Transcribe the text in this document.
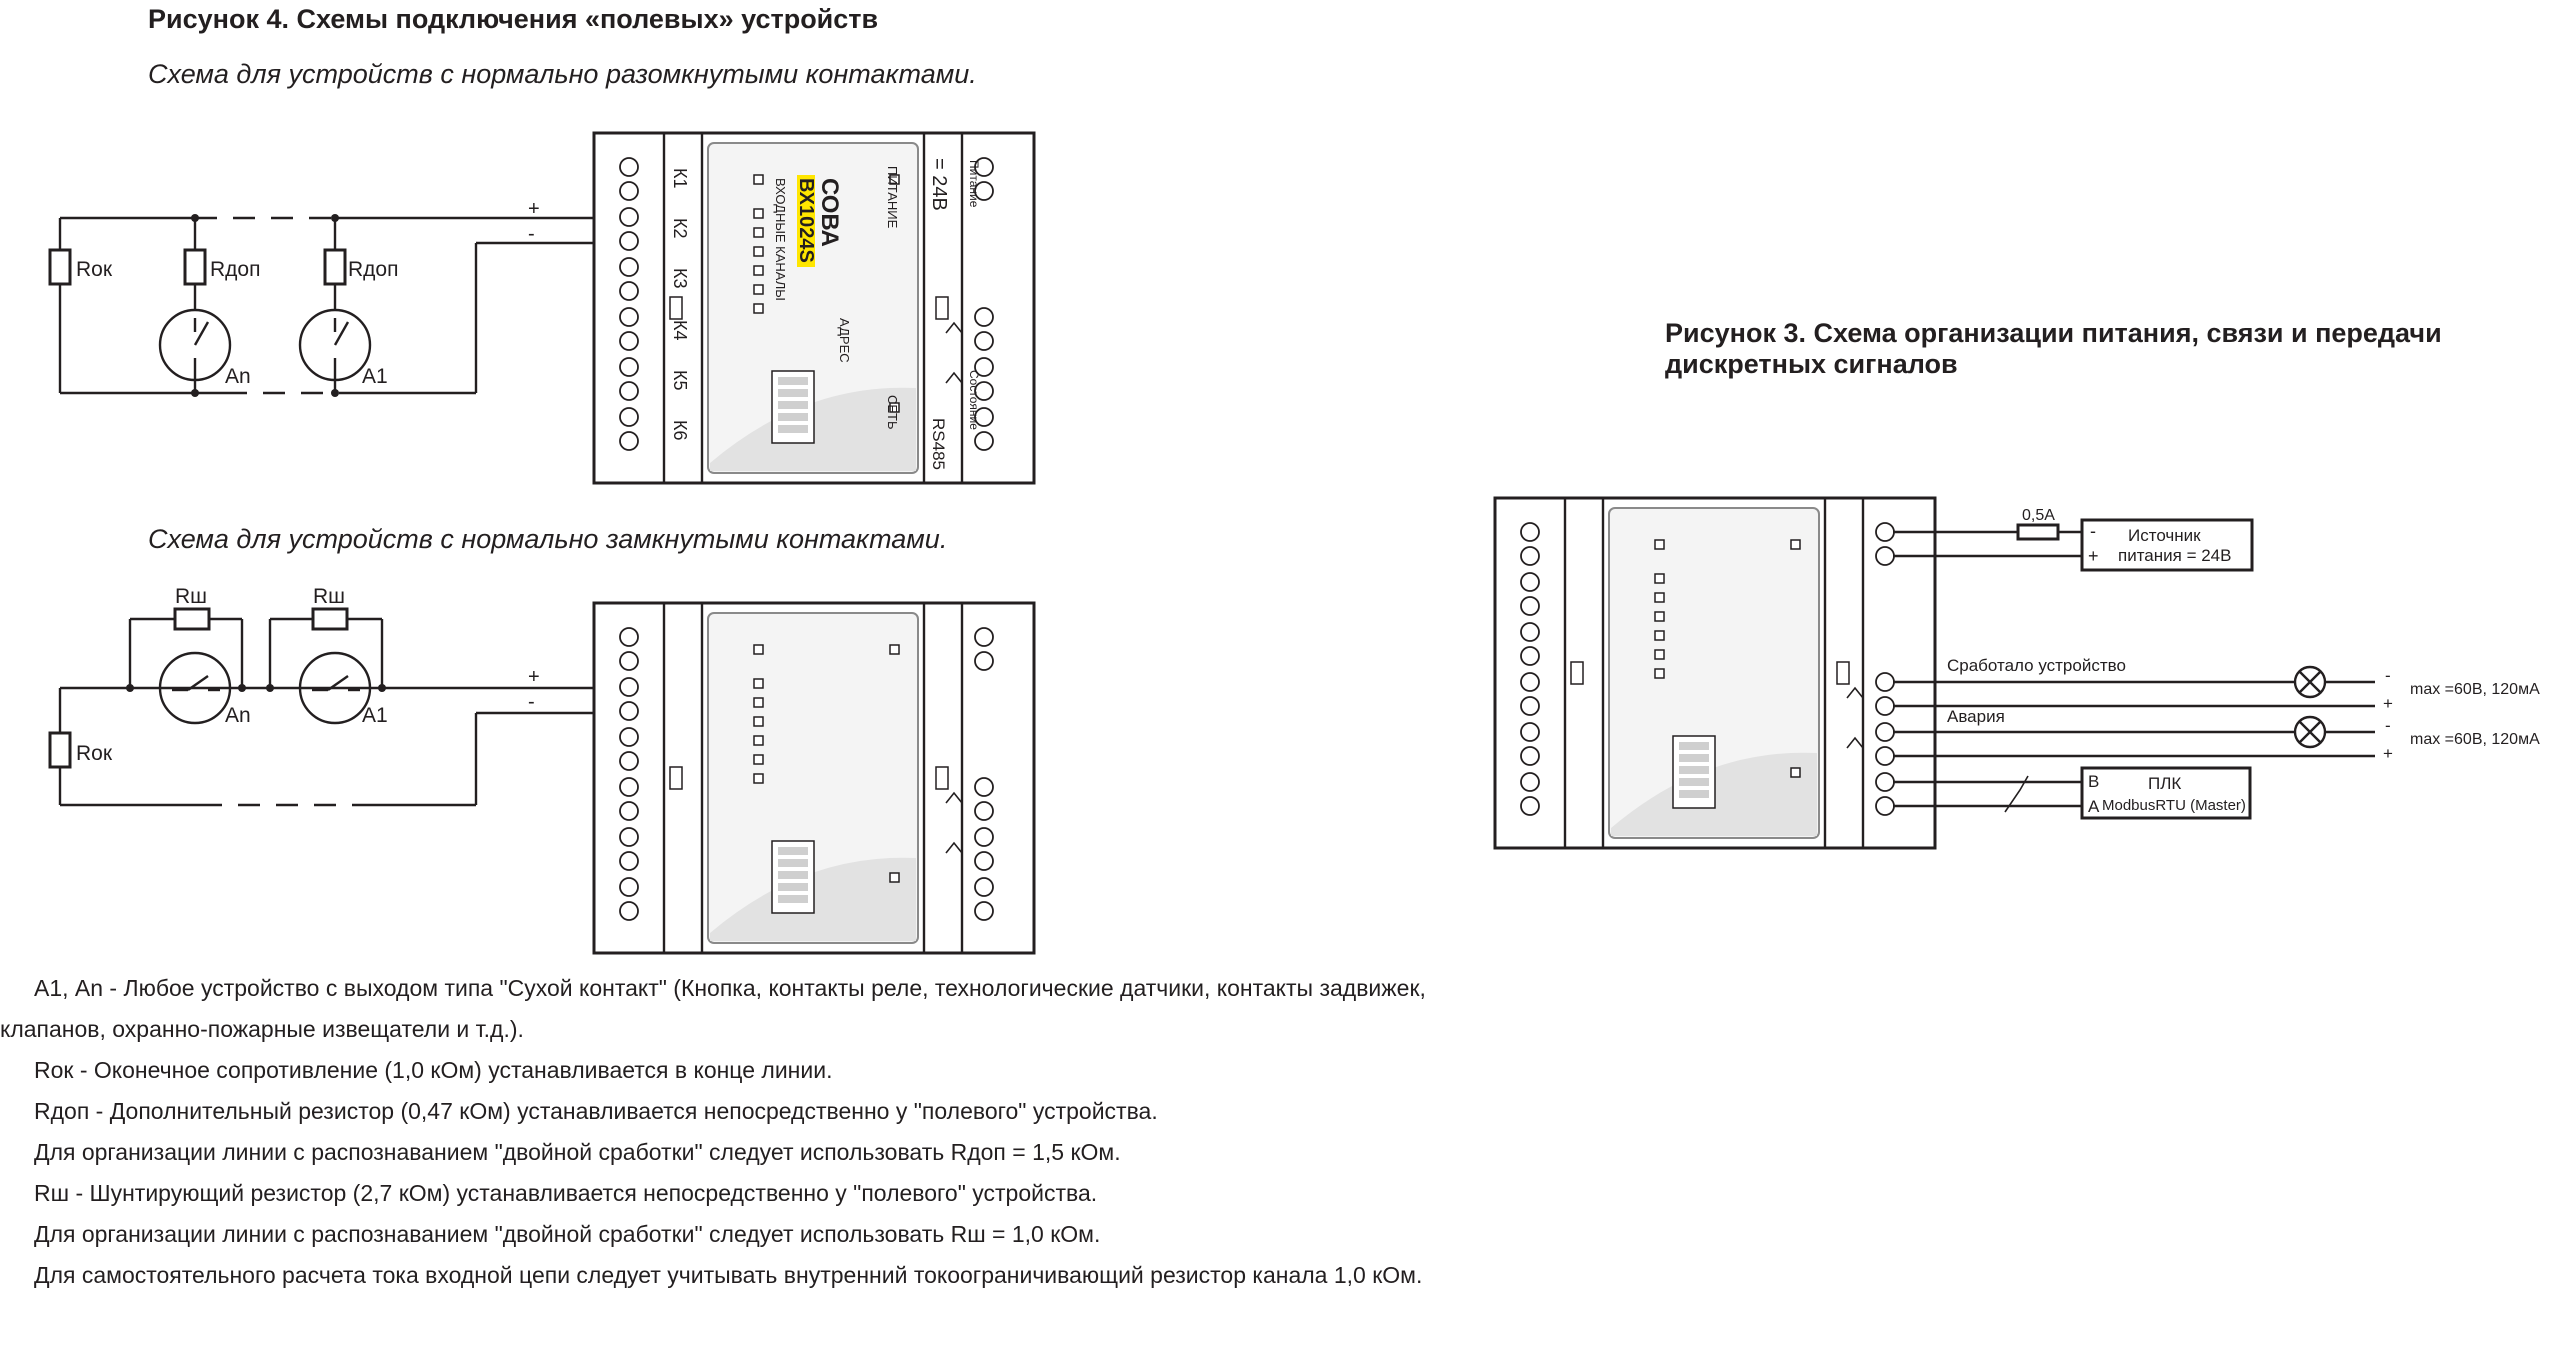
Рисунок 4. Схемы подключения «полевых» устройств
Схема для устройств с нормально разомкнутыми контактами.
Rок	Rдоп
An
Rдоп
A1
+
-
Схема для устройств с нормально замкнутыми контактами.
Rок
Rш
An
Rш
A1
+
-
Рисунок 3. Схема организации питания, связи и передачи
дискретных сигналов
0,5А
-
+
Источник
питания = 24В
Сработало устройство
-
+
max =60В, 120мА
Авария	-
+
max =60В, 120мА
B
A
ПЛК
ModbusRTU (Master)
СОВА
ВХ1024S
ВХОДНЫЕ КАНАЛЫ	ПИТАНИЕ
СЕТЬ
АДРЕС
= 24В
RS485
К1
К2
К3
К4
К5
К6
Питание
Состояние

А1, An - Любое устройство с выходом типа "Сухой контакт" (Кнопка, контакты реле, технологические датчики, контакты задвижек, клапанов, охранно-пожарные извещатели и т.д.).

Rок - Оконечное сопротивление (1,0 кОм) устанавливается в конце линии.

Rдоп - Дополнительный резистор (0,47 кОм) устанавливается непосредственно у "полевого" устройства.

Для организации линии с распознаванием "двойной сработки" следует использовать Rдоп = 1,5 кОм.

Rш - Шунтирующий резистор (2,7 кОм) устанавливается непосредственно у "полевого" устройства.

Для организации линии с распознаванием "двойной сработки" следует использовать Rш = 1,0 кОм.

Для самостоятельного расчета тока входной цепи следует учитывать внутренний токоограничивающий резистор канала 1,0 кОм.
